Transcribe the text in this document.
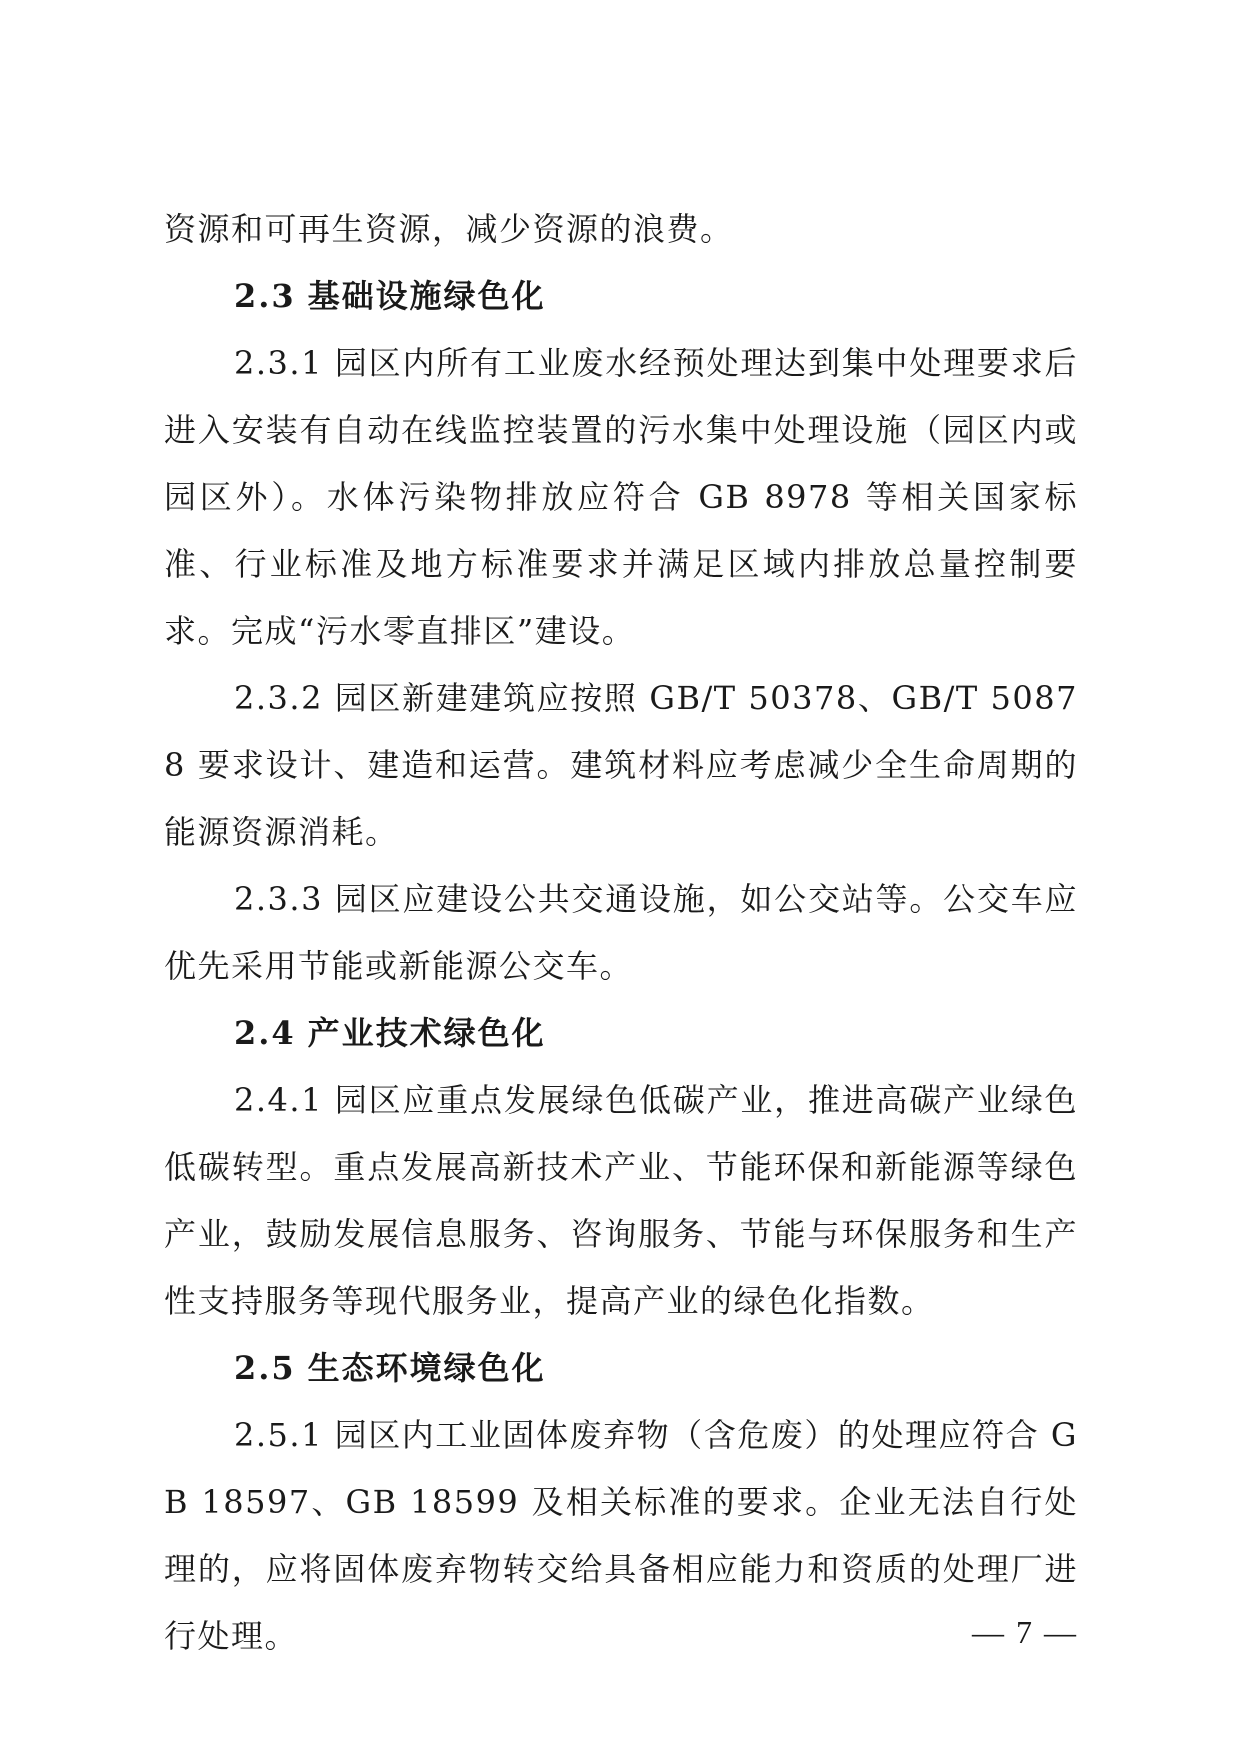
资源和可再生资源，减少资源的浪费。

2.3 基础设施绿色化

2.3.1 园区内所有工业废水经预处理达到集中处理要求后进入安装有自动在线监控装置的污水集中处理设施（园区内或园区外）。水体污染物排放应符合 GB 8978 等相关国家标准、行业标准及地方标准要求并满足区域内排放总量控制要求。完成“污水零直排区”建设。

2.3.2 园区新建建筑应按照 GB/T 50378、GB/T 50878 要求设计、建造和运营。建筑材料应考虑减少全生命周期的能源资源消耗。

2.3.3 园区应建设公共交通设施，如公交站等。公交车应优先采用节能或新能源公交车。

2.4 产业技术绿色化

2.4.1 园区应重点发展绿色低碳产业，推进高碳产业绿色低碳转型。重点发展高新技术产业、节能环保和新能源等绿色产业，鼓励发展信息服务、咨询服务、节能与环保服务和生产性支持服务等现代服务业，提高产业的绿色化指数。

2.5 生态环境绿色化

2.5.1 园区内工业固体废弃物（含危废）的处理应符合 GB 18597、GB 18599 及相关标准的要求。企业无法自行处理的，应将固体废弃物转交给具备相应能力和资质的处理厂进行处理。	— 7 —
